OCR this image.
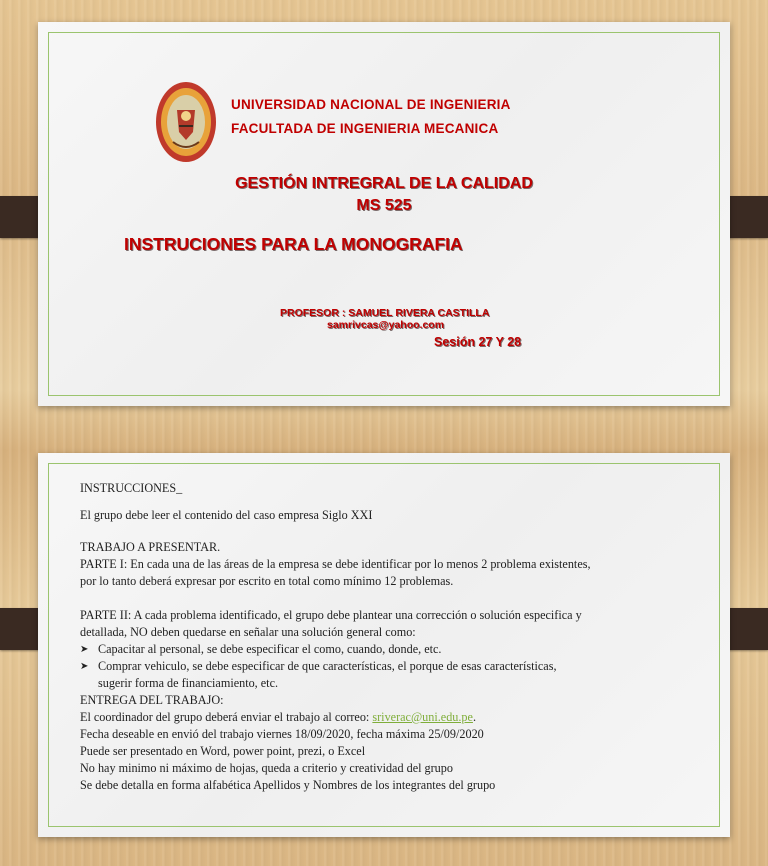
UNIVERSIDAD NACIONAL DE INGENIERIA
FACULTADA DE INGENIERIA MECANICA
GESTIÓN INTREGRAL DE LA CALIDAD
MS 525
INSTRUCIONES PARA LA MONOGRAFIA
PROFESOR : SAMUEL RIVERA CASTILLA
samrivcas@yahoo.com
Sesión 27 Y 28
INSTRUCCIONES_
El grupo debe leer el contenido del caso empresa Siglo XXI
TRABAJO A PRESENTAR.
PARTE I: En cada una de las áreas de la empresa se debe identificar por lo menos 2 problema existentes,
por lo tanto deberá expresar por escrito en total como mínimo 12 problemas.
PARTE II: A cada problema identificado, el grupo debe plantear una corrección o solución especifica y
detallada, NO deben quedarse en señalar una solución general como:
➤ Capacitar al personal, se debe especificar el como, cuando, donde, etc.
➤ Comprar vehiculo, se debe especificar de que características, el porque de esas características,
sugerir forma de financiamiento, etc.
ENTREGA DEL TRABAJO:
El coordinador del grupo deberá enviar el trabajo al correo: sriverac@uni.edu.pe.
Fecha deseable en envió del trabajo viernes 18/09/2020, fecha máxima 25/09/2020
Puede ser presentado en Word, power point, prezi, o Excel
No hay minimo ni máximo de hojas, queda a criterio y creatividad del grupo
Se debe detalla en forma alfabética Apellidos y Nombres de los integrantes del grupo
